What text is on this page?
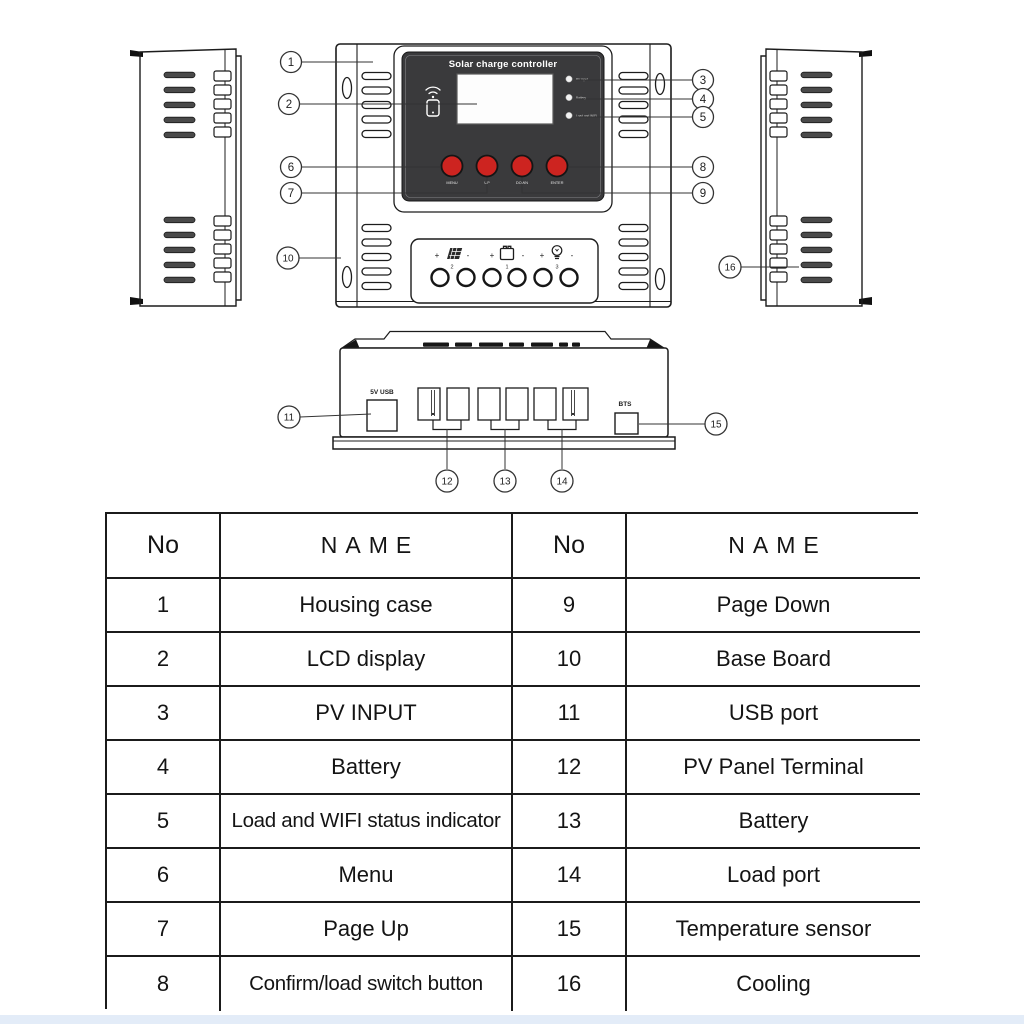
Solar charge controller
PV input
Battery
Load and WIFI
MENU	UP	DOWN	ENTER
+	-
2
+	-
1
+	-
3
5V USB
BTS
1
2
3
4
5
6
7
8
9
10
11
12	13	14
15
16
No	NAME	No	NAME
1	Housing case	9	Page Down
2	LCD display	10	Base Board
3	PV INPUT	11	USB port
4	Battery	12	PV Panel Terminal
5	Load and WIFI status indicator	13	Battery
6	Menu	14	Load port
7	Page Up	15	Temperature sensor
8	Confirm/load switch button	16	Cooling
